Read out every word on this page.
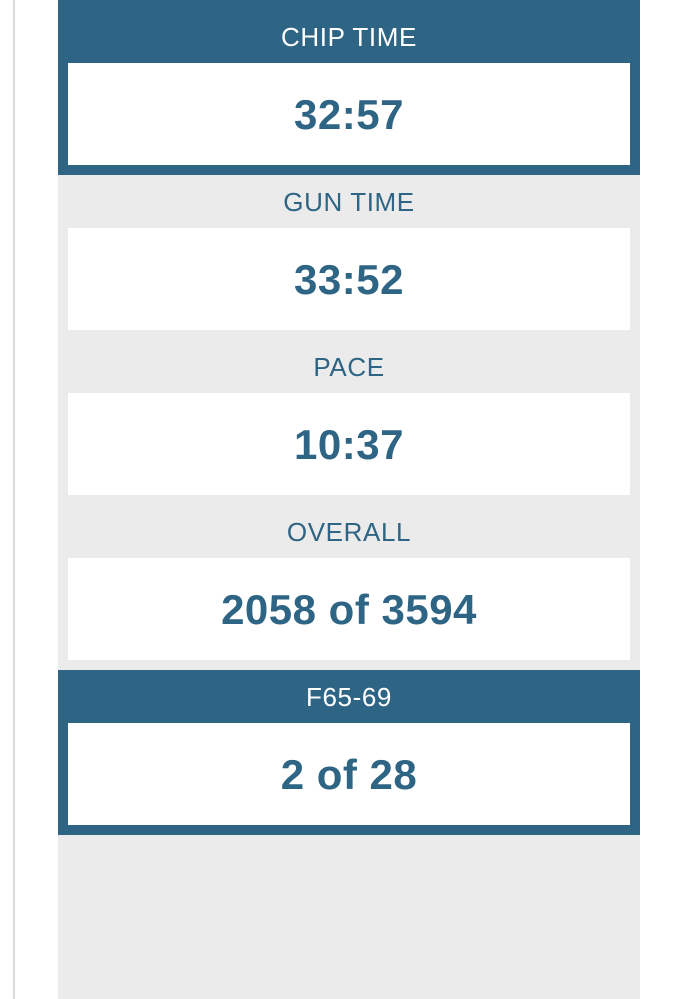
CHIP TIME
32:57
GUN TIME
33:52
PACE
10:37
OVERALL
2058 of 3594
F65-69
2 of 28
